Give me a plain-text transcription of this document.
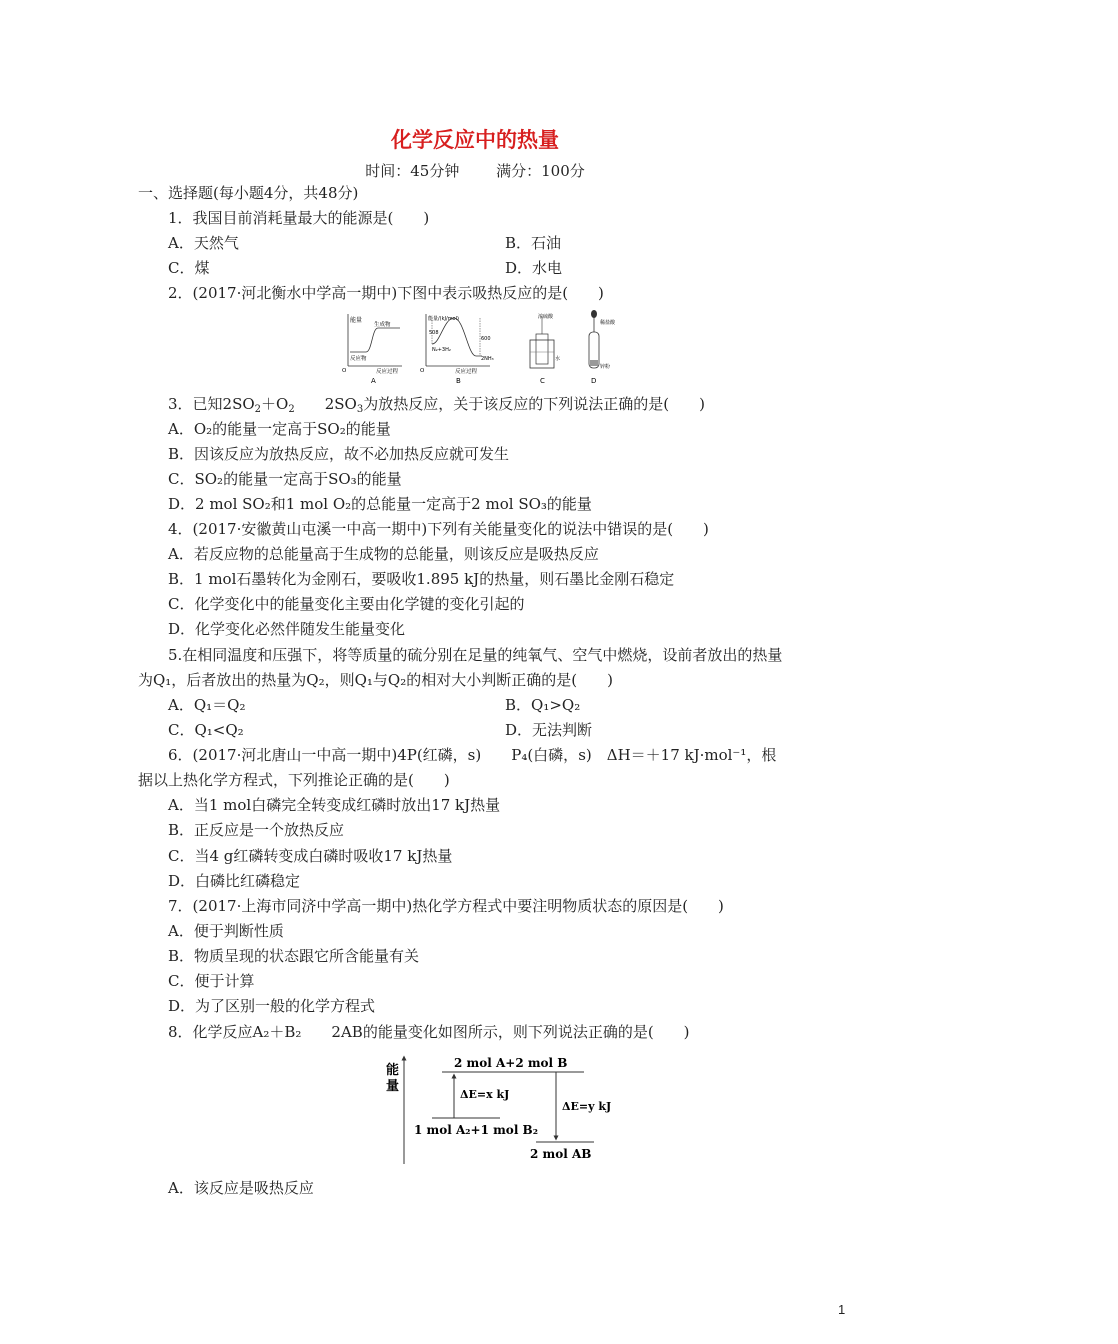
化学反应中的热量
时间：45分钟 满分：100分
一、选择题(每小题4分，共48分)
1．我国目前消耗量最大的能源是(　　)
A．天然气	B．石油
C．煤	D．水电
2．(2017·河北衡水中学高一期中)下图中表示吸热反应的是(　　)
能量
生成物
反应物
反应过程
O
A
能量/(kJ/mol)
508
600
N₂+3H₂
2NH₃
反应过程
O
B
浓硫酸
水
C
稀盐酸
锌粉
D
3．已知$2SO_2+O_2$　　$2SO_3$为放热反应，关于该反应的下列说法正确的是(　　)
A．O₂的能量一定高于SO₂的能量
B．因该反应为放热反应，故不必加热反应就可发生
C．SO₂的能量一定高于SO₃的能量
D．2 mol SO₂和1 mol O₂的总能量一定高于2 mol SO₃的能量
4．(2017·安徽黄山屯溪一中高一期中)下列有关能量变化的说法中错误的是(　　)
A．若反应物的总能量高于生成物的总能量，则该反应是吸热反应
B．1 mol石墨转化为金刚石，要吸收1.895 kJ的热量，则石墨比金刚石稳定
C．化学变化中的能量变化主要由化学键的变化引起的
D．化学变化必然伴随发生能量变化
5.在相同温度和压强下，将等质量的硫分别在足量的纯氧气、空气中燃烧，设前者放出的热量
为Q₁，后者放出的热量为Q₂，则Q₁与Q₂的相对大小判断正确的是(　　)
A．Q₁＝Q₂	B．Q₁>Q₂
C．Q₁<Q₂	D．无法判断
6．(2017·河北唐山一中高一期中)4P(红磷，s)　　P₄(白磷，s)　ΔH＝＋17 kJ·mol⁻¹，根
据以上热化学方程式，下列推论正确的是(　　)
A．当1 mol白磷完全转变成红磷时放出17 kJ热量
B．正反应是一个放热反应
C．当4 g红磷转变成白磷时吸收17 kJ热量
D．白磷比红磷稳定
7．(2017·上海市同济中学高一期中)热化学方程式中要注明物质状态的原因是(　　)
A．便于判断性质
B．物质呈现的状态跟它所含能量有关
C．便于计算
D．为了区别一般的化学方程式
8．化学反应A₂＋B₂　　2AB的能量变化如图所示，则下列说法正确的是(　　)
能
量
2 mol A+2 mol B
1 mol A₂+1 mol B₂
2 mol AB
ΔE=x kJ
ΔE=y kJ
A．该反应是吸热反应
1
